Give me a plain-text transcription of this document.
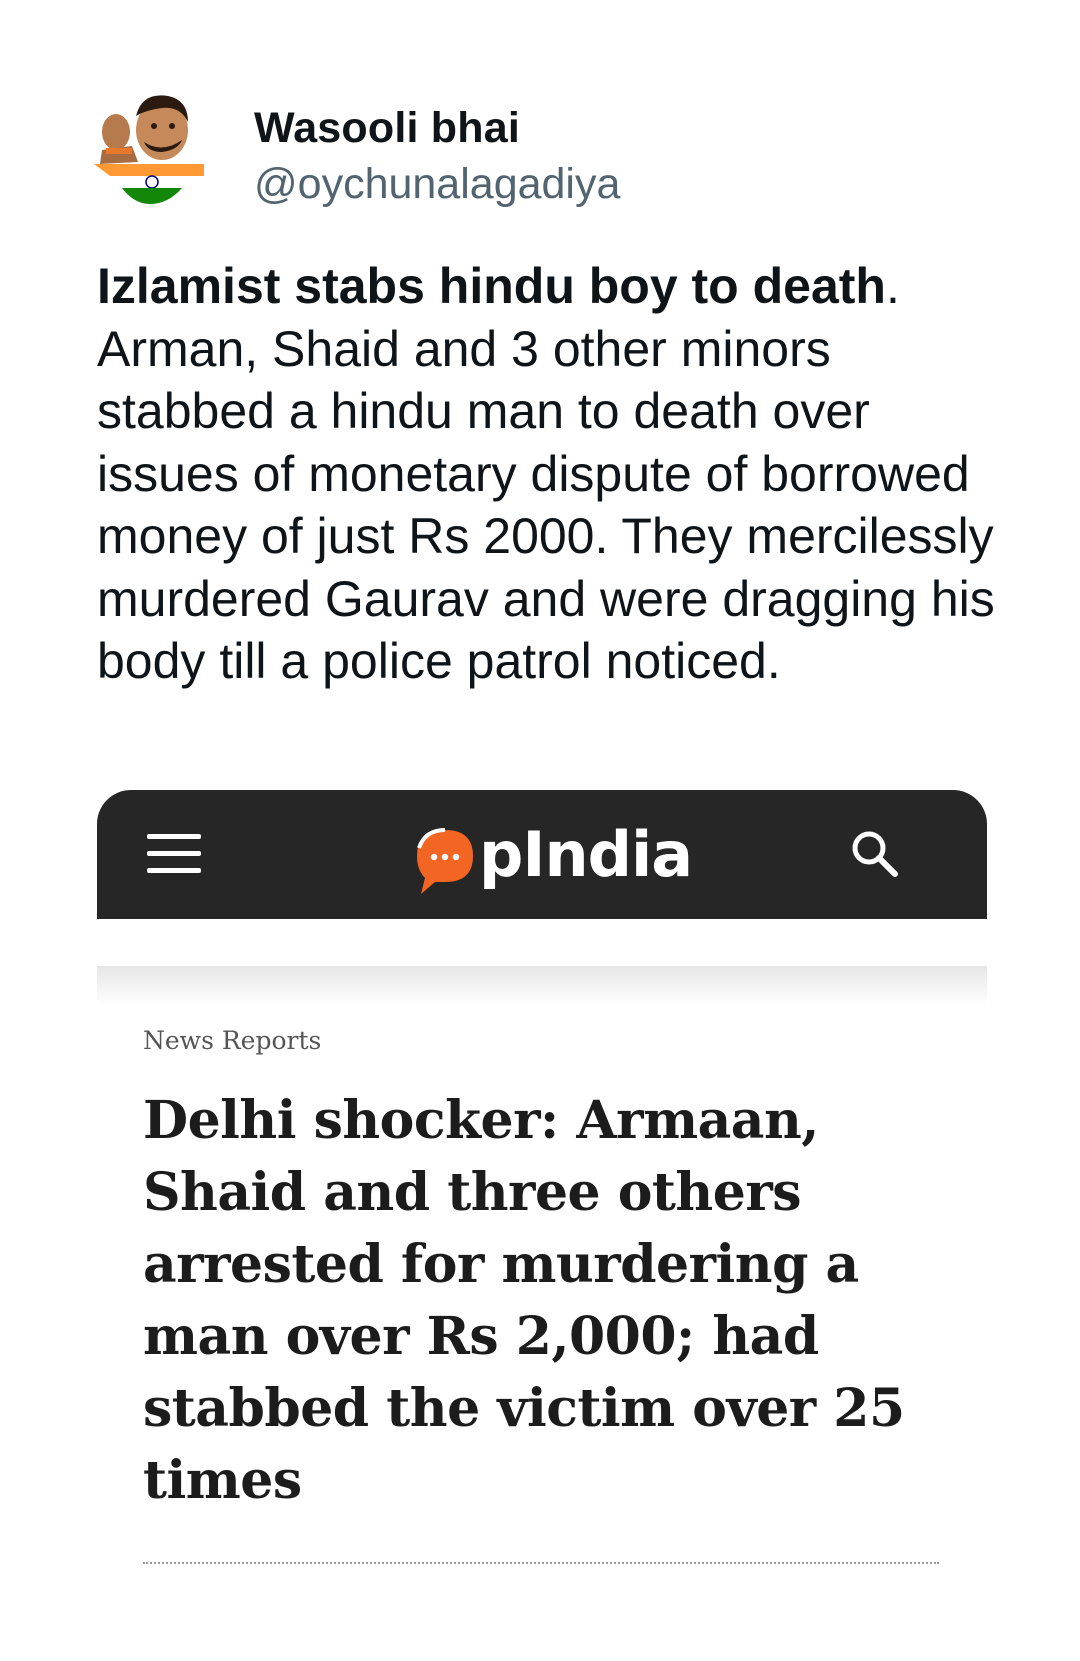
Wasooli bhai
@oychunalagadiya
Izlamist stabs hindu boy to death. Arman, Shaid and 3 other minors stabbed a hindu man to death over issues of monetary dispute of borrowed money of just Rs 2000. They mercilessly murdered Gaurav and were dragging his body till a police patrol noticed.
pIndia
News Reports
Delhi shocker: Armaan, Shaid and three others arrested for murdering a man over Rs 2,000; had stabbed the victim over 25 times
